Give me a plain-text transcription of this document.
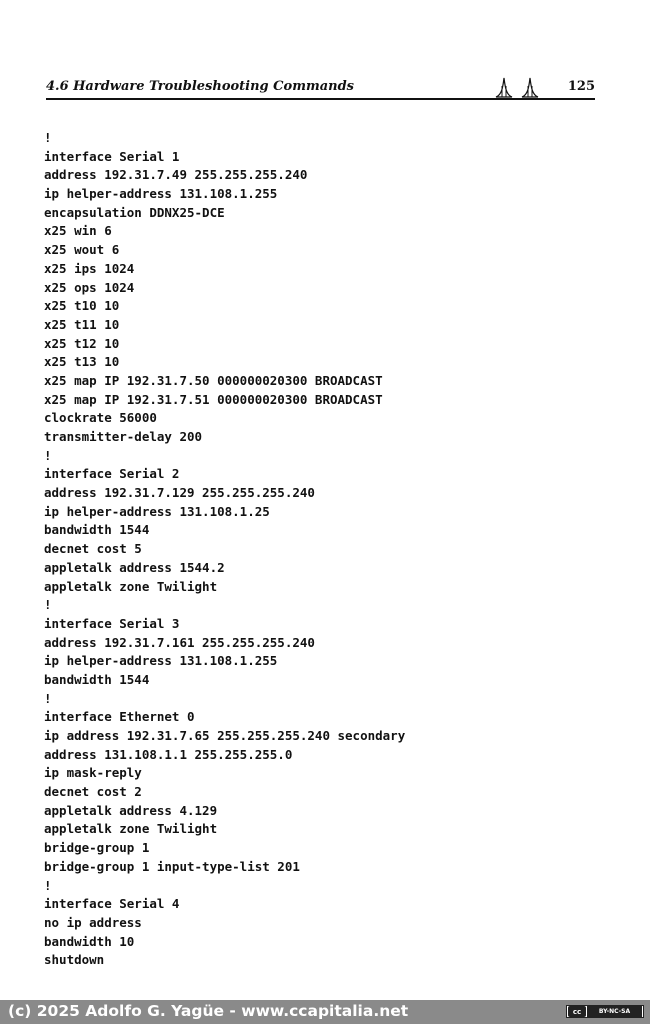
4.6 Hardware Troubleshooting Commands	125
!
interface Serial 1
address 192.31.7.49 255.255.255.240
ip helper-address 131.108.1.255
encapsulation DDNX25-DCE
x25 win 6
x25 wout 6
x25 ips 1024
x25 ops 1024
x25 t10 10
x25 t11 10
x25 t12 10
x25 t13 10
x25 map IP 192.31.7.50 000000020300 BROADCAST
x25 map IP 192.31.7.51 000000020300 BROADCAST
clockrate 56000
transmitter-delay 200
!
interface Serial 2
address 192.31.7.129 255.255.255.240
ip helper-address 131.108.1.25
bandwidth 1544
decnet cost 5
appletalk address 1544.2
appletalk zone Twilight
!
interface Serial 3
address 192.31.7.161 255.255.255.240
ip helper-address 131.108.1.255
bandwidth 1544
!
interface Ethernet 0
ip address 192.31.7.65 255.255.255.240 secondary
address 131.108.1.1 255.255.255.0
ip mask-reply
decnet cost 2
appletalk address 4.129
appletalk zone Twilight
bridge-group 1
bridge-group 1 input-type-list 201
!
interface Serial 4
no ip address
bandwidth 10
shutdown
(c) 2025 Adolfo G. Yagüe - www.ccapitalia.net	cc	BY-NC-SA
